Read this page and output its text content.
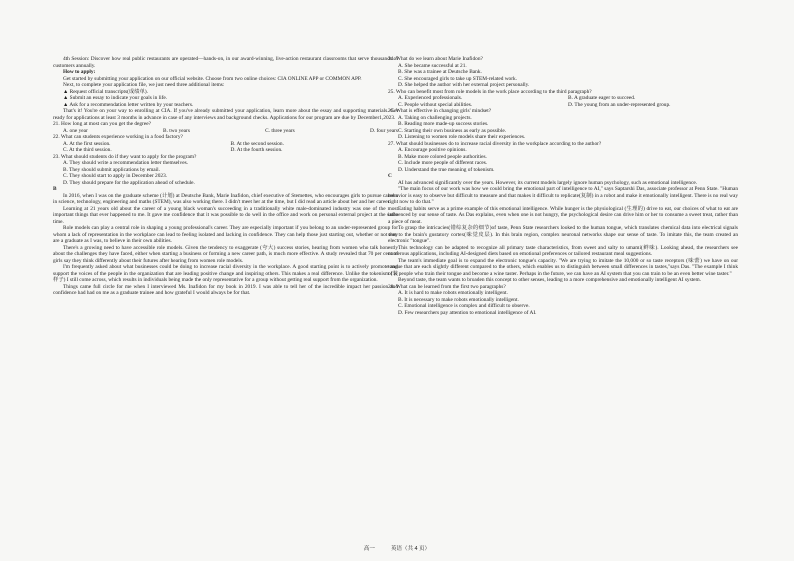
4th Session: Discover how real public restaurants are operated—hands-on, in our award-winning, live-action restaurant classrooms that serve thousands of customers annually.

How to apply:

Get started by submitting your application on our official website. Choose from two online choices: CIA ONLINE APP or COMMON APP.

Next, to complete your application file, we just need three additional items:

▲ Request official transcripts(成绩单).

▲ Submit an essay to indicate your goals in life.

▲ Ask for a recommendation letter written by your teachers.

That's it! You're on your way to enrolling at CIA. If you've already submitted your application, learn more about the essay and supporting materials. Get ready for applications at least 3 months in advance in case of any interviews and background checks. Applications for our program are due by December1,2023.

21. How long at most can you get the degree?

A. one year	B. two years	C. three years	D. four years

22. What can students experience working in a food factory?

A. At the first session.	B. At the second session.
C. At the third session.	D. At the fourth session.

23. What should students do if they want to apply for the program?

A. They should write a recommendation letter themselves.

B. They should submit applications by email.

C. They should start to apply in December 2023.

D. They should prepare for the application ahead of schedule.

B

In 2016, when I was on the graduate scheme (计划) at Deutsche Bank, Marie Inafidon, chief executive of Stemettes, who encourages girls to pursue careers in science, technology, engineering and maths (STEM), was also working there. I didn't meet her at the time, but I did read an article about her and her career.

Learning at 21 years old about the career of a young black woman's succeeding in a traditionally white male-dominated industry was one of the most important things that ever happened to me. It gave me confidence that it was possible to do well in the office and work on personal external project at the same time.

Role models can play a central role in shaping a young professional's career. They are especially important if you belong to an under-represented group for whom a lack of representation in the workplace can lead to feeling isolated and lacking in confidence. They can help those just starting out, whether or not they are a graduate as I was, to believe in their own abilities.

There's a growing need to have accessible role models. Given the tendency to exaggerate (夸大) success stories, hearing from women who talk honestly about the challenges they have faced, either when starting a business or forming a new career path, is much more effective. A study revealed that 70 per cent of girls say they think differently about their futures after hearing from women role models.

I'm frequently asked about what businesses could be doing to increase racial diversity in the workplace. A good starting point is to actively promote and support the voices of the people in the organization that are leading positive change and inspiring others. This makes a real difference. Unlike the tokenism (装样子) I still come across, which results in individuals being made the only representative for a group without getting real support from the organization.

Things came full circle for me when I interviewed Ms. Inafidon for my book in 2019. I was able to tell her of the incredible impact her passion and confidence had had on me as a graduate trainee and how grateful I would always be for that.

24. What do we learn about Marie Inafidon?

A. She became successful at 21.

B. She was a trainee at Deutsche Bank.

C. She encouraged girls to take up STEM-related work.

D. She helped the author with her external project personally.

25. Who can benefit most from role models in the work place according to the third paragraph?

A. Experienced professionals.	B. A graduate eager to succeed.
C. People without special abilities.	D. The young from an under-represented group.

26. What is effective in changing girls' mindset?

A. Taking on challenging projects.

B. Reading more made-up success stories.

C. Starting their own business as early as possible.

D. Listening to women role models share their experiences.

27. What should businesses do to increase racial diversity in the workplace according to the author?

A. Encourage positive opinions.

B. Make more colored people authorities.

C. Include more people of different races.

D. Understand the true meaning of tokenism.

C

AI has advanced significantly over the years. However, its current models largely ignore human psychology, such as emotional intelligence.

"The main focus of our work was how we could bring the emotional part of intelligence to AI," says Saptarshi Das, associate professor at Penn State. "Human behavior is easy to observe but difficult to measure and that makes it difficult to replicate(复制) in a robot and make it emotionally intelligent. There is no real way right now to do that."

Eating habits serve as a prime example of this emotional intelligence. While hunger is the physiological (生理的) drive to eat, our choices of what to eat are influenced by our sense of taste. As Das explains, even when one is not hungry, the psychological desire can drive him or her to consume a sweet treat, rather than a piece of meat.

To grasp the intricacies(错综复杂的细节)of taste, Penn State researchers looked to the human tongue, which translates chemical data into electrical signals sent to the brain's gustatory cortex(味觉皮层). In this brain region, complex neuronal networks shape our sense of taste. To imitate this, the team created an electronic "tongue".

This technology can be adapted to recognize all primary taste characteristics, from sweet and salty to umami(鲜味). Looking ahead, the researchers see numerous applications, including AI-designed diets based on emotional preferences or tailored restaurant meal suggestions.

The team's immediate goal is to expand the electronic tongue's capacity. "We are trying to imitate the 10,000 or so taste receptors (味蕾) we have on our tongue that are each slightly different compared to the others, which enables us to distinguish between small differences in tastes,"says Das. "The example I think of is people who train their tongue and become a wine taster. Perhaps in the future, we can have an AI system that you can train to be an even better wine taster."

Beyond taste, the team wants to broaden this concept to other senses, leading to a more comprehensive and emotionally intelligent AI system.

28. What can be learned from the first two paragraphs?

A. It is hard to make robots emotionally intelligent.

B. It is necessary to make robots emotionally intelligent.

C. Emotional intelligence is complex and difficult to observe.

D. Few researchers pay attention to emotional intelligence of AI.

高一	英语（共 4 页）
